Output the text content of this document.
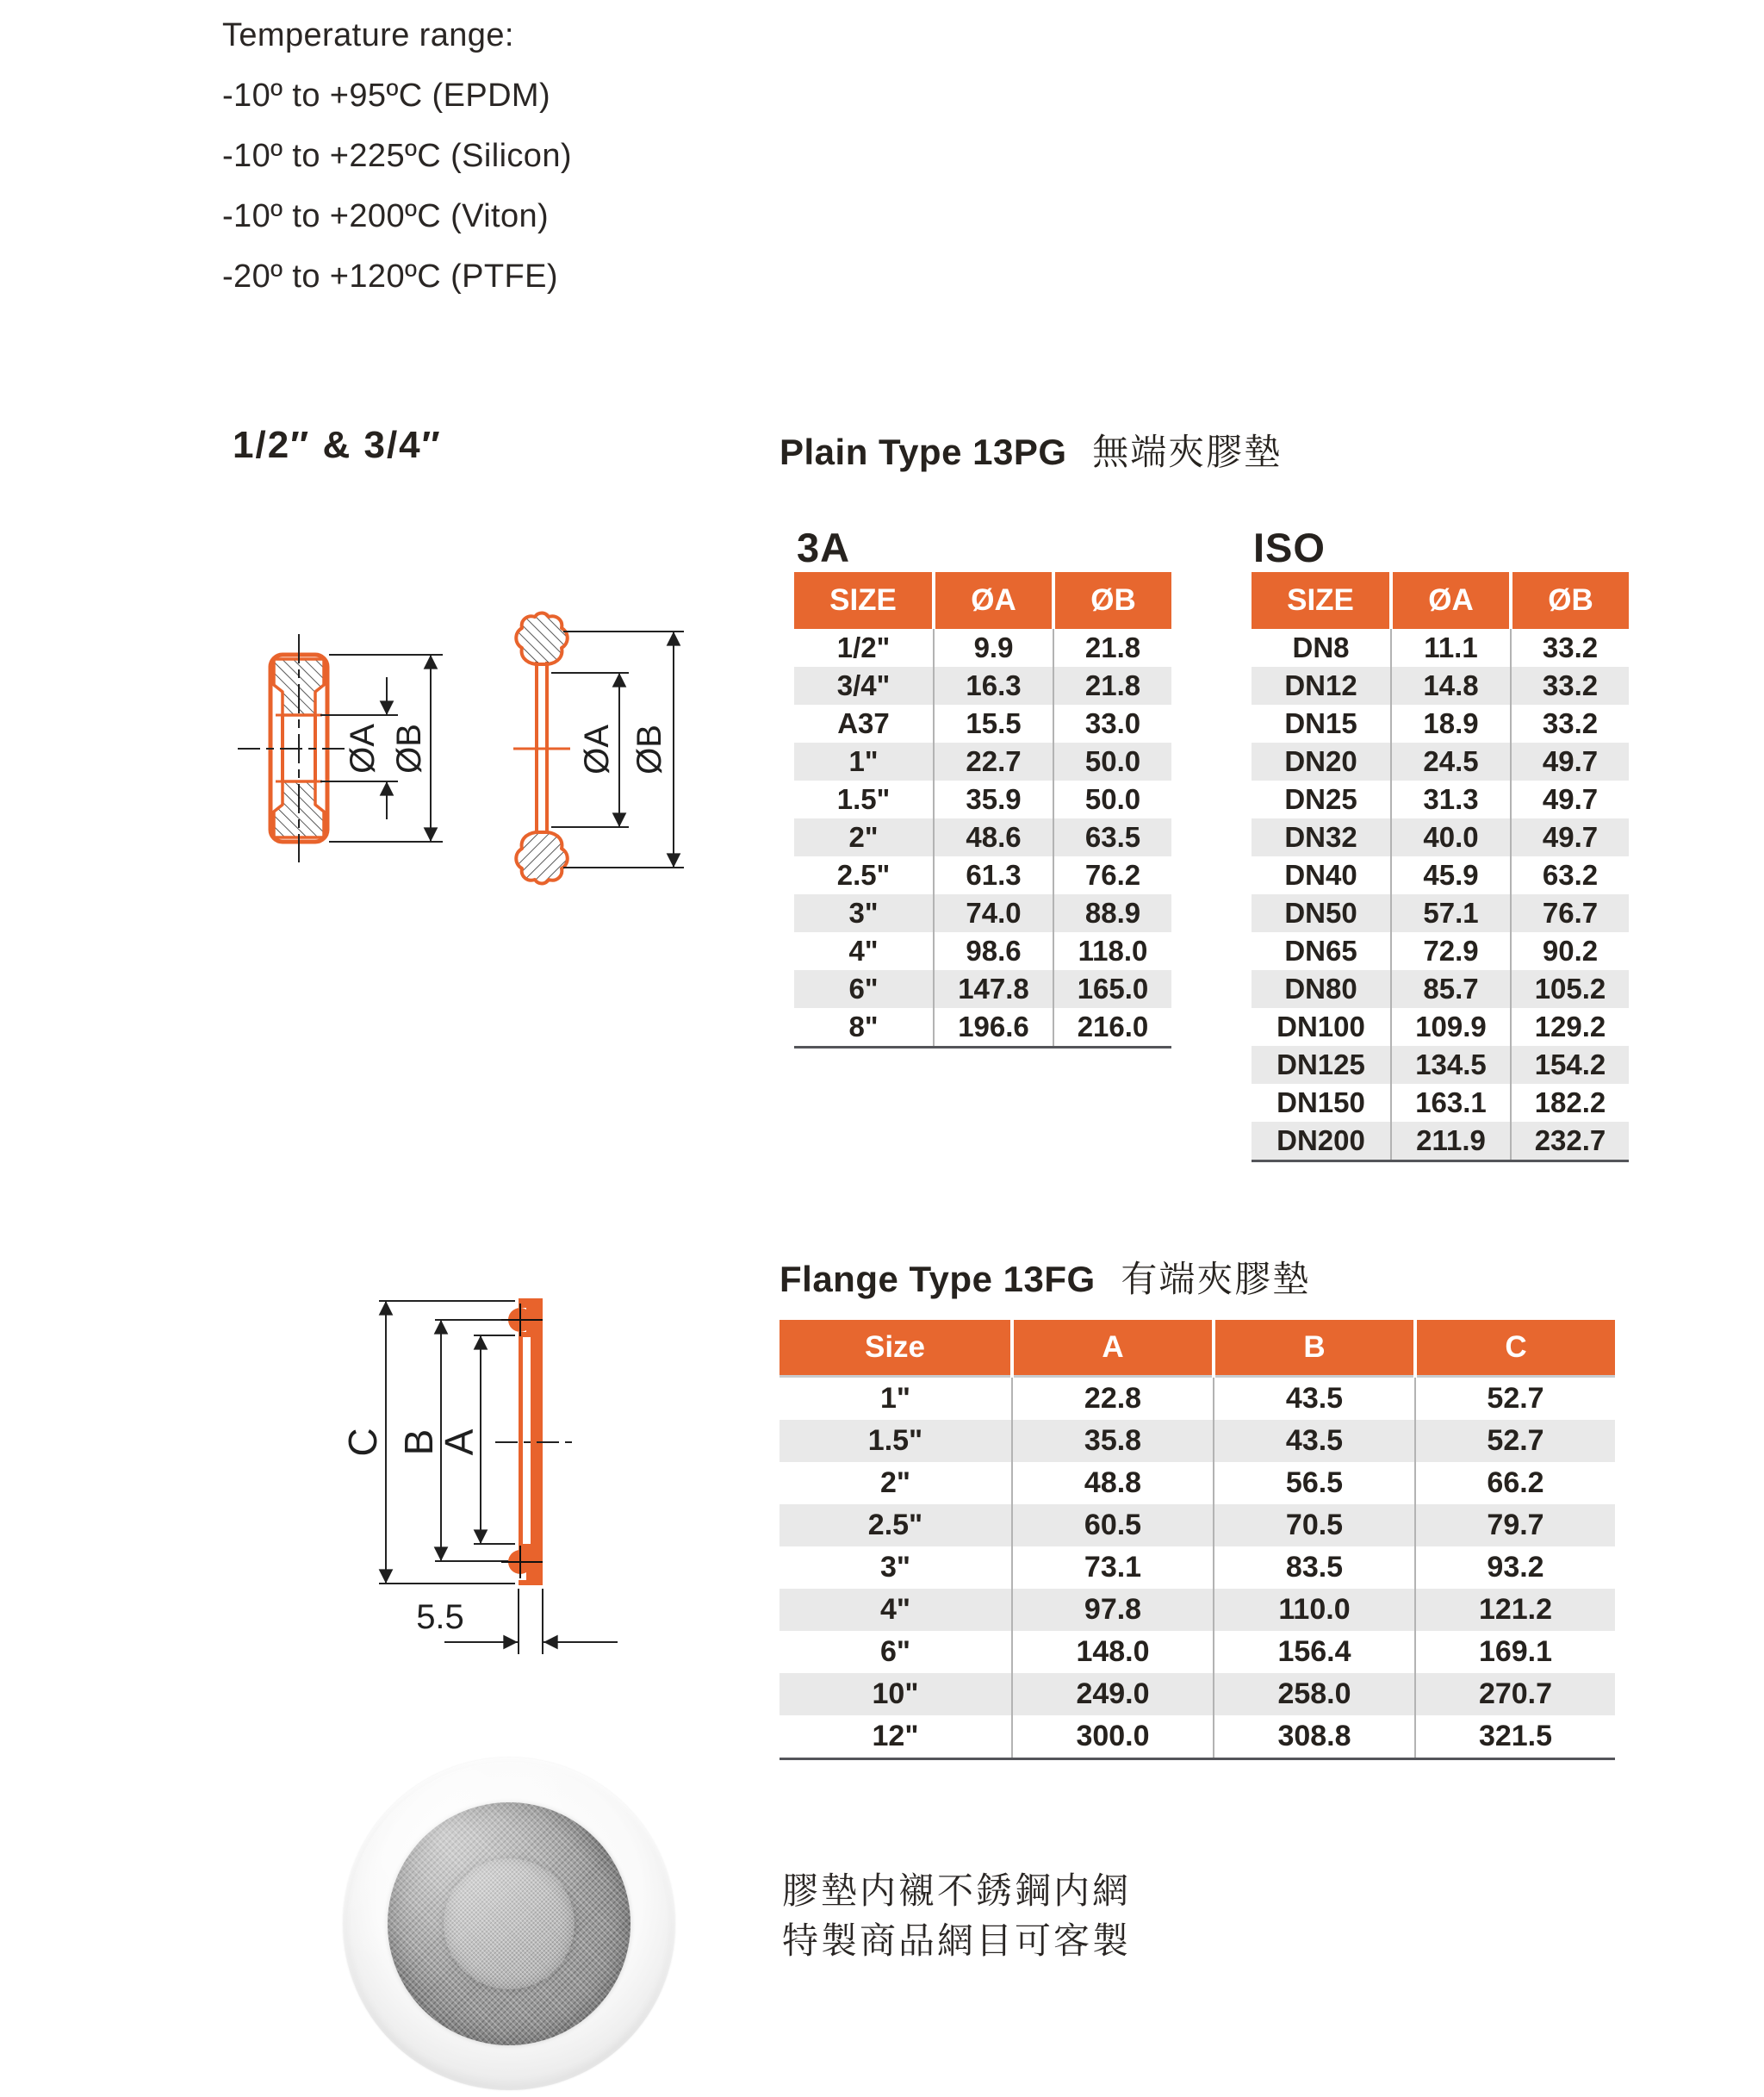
Temperature range:
-10º to +95ºC (EPDM)
-10º to +225ºC (Silicon)
-10º to +200ºC (Viton)
-20º to +120ºC (PTFE)
1/2″ & 3/4″	Plain Type 13PG 無端夾膠墊
ØA ØB	ØA ØB
3A
SIZE	ØA	ØB
1/2"	9.9	21.8
3/4"	16.3	21.8
A37	15.5	33.0
1"	22.7	50.0
1.5"	35.9	50.0
2"	48.6	63.5
2.5"	61.3	76.2
3"	74.0	88.9
4"	98.6	118.0
6"	147.8	165.0
8"	196.6	216.0
ISO
SIZE	ØA	ØB
DN8	11.1	33.2
DN12	14.8	33.2
DN15	18.9	33.2
DN20	24.5	49.7
DN25	31.3	49.7
DN32	40.0	49.7
DN40	45.9	63.2
DN50	57.1	76.7
DN65	72.9	90.2
DN80	85.7	105.2
DN100	109.9	129.2
DN125	134.5	154.2
DN150	163.1	182.2
DN200	211.9	232.7
Flange Type 13FG 有端夾膠墊
C B
A
5.5
Size	A	B	C
1"	22.8	43.5	52.7
1.5"	35.8	43.5	52.7
2"	48.8	56.5	66.2
2.5"	60.5	70.5	79.7
3"	73.1	83.5	93.2
4"	97.8	110.0	121.2
6"	148.0	156.4	169.1
10"	249.0	258.0	270.7
12"	300.0	308.8	321.5
膠墊内襯不銹鋼内網
特製商品網目可客製
